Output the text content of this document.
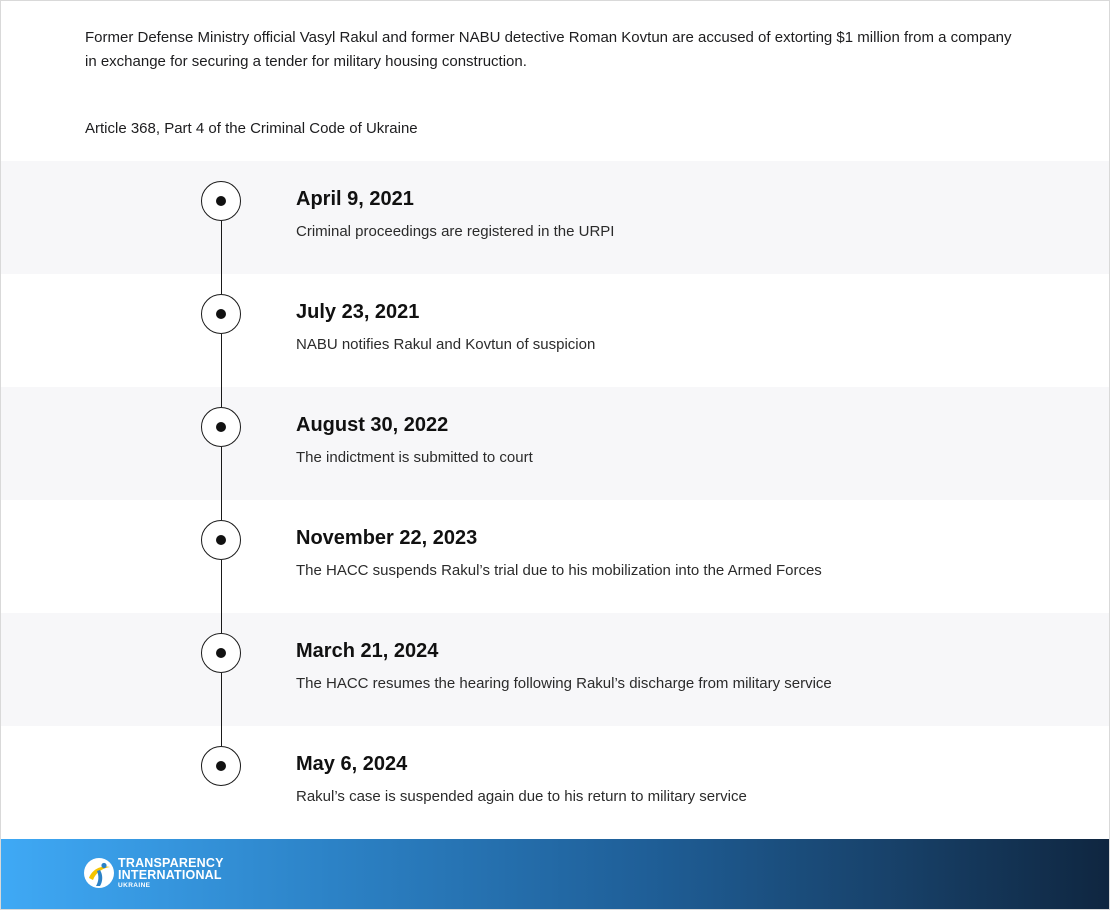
Former Defense Ministry official Vasyl Rakul and former NABU detective Roman Kovtun are accused of extorting $1 million from a company in exchange for securing a tender for military housing construction.

Article 368, Part 4 of the Criminal Code of Ukraine

April 9, 2021
Criminal proceedings are registered in the URPI
July 23, 2021
NABU notifies Rakul and Kovtun of suspicion
August 30, 2022
The indictment is submitted to court
November 22, 2023
The HACC suspends Rakul’s trial due to his mobilization into the Armed Forces
March 21, 2024
The HACC resumes the hearing following Rakul’s discharge from military service
May 6, 2024
Rakul’s case is suspended again due to his return to military service
TRANSPARENCY
INTERNATIONAL
UKRAINE
